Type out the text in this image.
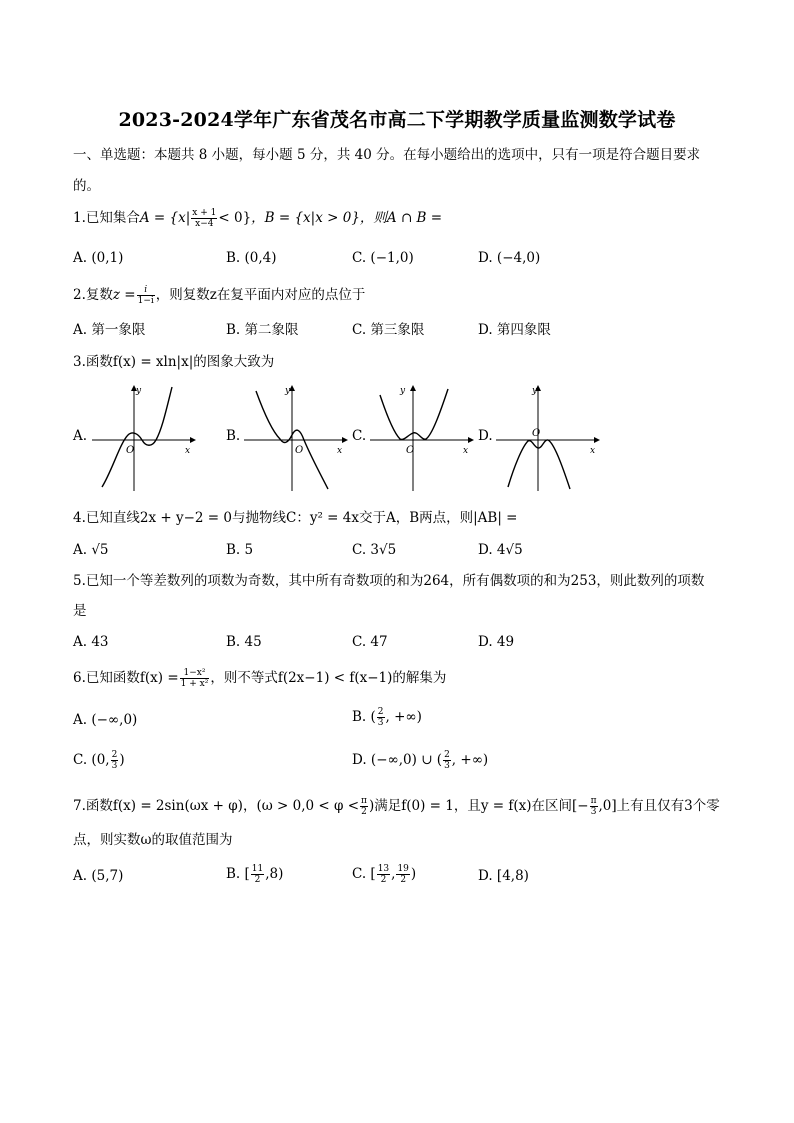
2023-2024学年广东省茂名市高二下学期教学质量监测数学试卷
一、单选题：本题共 8 小题，每小题 5 分，共 40 分。在每小题给出的选项中，只有一项是符合题目要求
的。
1.已知集合$A = \{x| \frac{x + 1}{x-4} < 0\}$，B = {x|x > 0}，则A ∩ B =
A. (0,1)	B. (0,4)	C. (−1,0)	D. (−4,0)
2.复数$z = \frac{i}{1-i}$ ，则复数z在复平面内对应的点位于
A. 第一象限	B. 第二象限	C. 第三象限	D. 第四象限
3.函数f(x) = xln|x|的图象大致为
A.
y
x
O
B.
y
x
O
C.
y
x
O
D.
y
x
O
4.已知直线2x + y−2 = 0与抛物线C：y² = 4x交于A，B两点，则|AB| =
A. √5	B. 5	C. 3√5	D. 4√5
5.已知一个等差数列的项数为奇数，其中所有奇数项的和为264，所有偶数项的和为253，则此数列的项数
是
A. 43	B. 45	C. 47	D. 49
6.已知函数$f(x) = \frac{\text{1−x²}}{\text{1 + x²}}$ ，则不等式f(2x−1) < f(x−1)的解集为
A. (−∞,0)	B. ( $\frac{2}{3}$ , +∞)
C. (0, $\frac{2}{3}$ )	D. (−∞,0) ∪ ( $\frac{2}{3}$ , +∞)
7.函数f(x) = 2sin(ωx + φ)，($\omega > 0,0 < \varphi < \frac{\pi}{2}$ )满足f(0) = 1，且y = f(x)在区间[− $\frac{\pi}{3} ,0$]上有且仅有3个零
点，则实数ω的取值范围为
A. (5,7)	B. [ $\frac{11}{2} ,8$)	C. [ $\frac{13}{2}$ , $\frac{19}{2}$ )	D. [4,8)
